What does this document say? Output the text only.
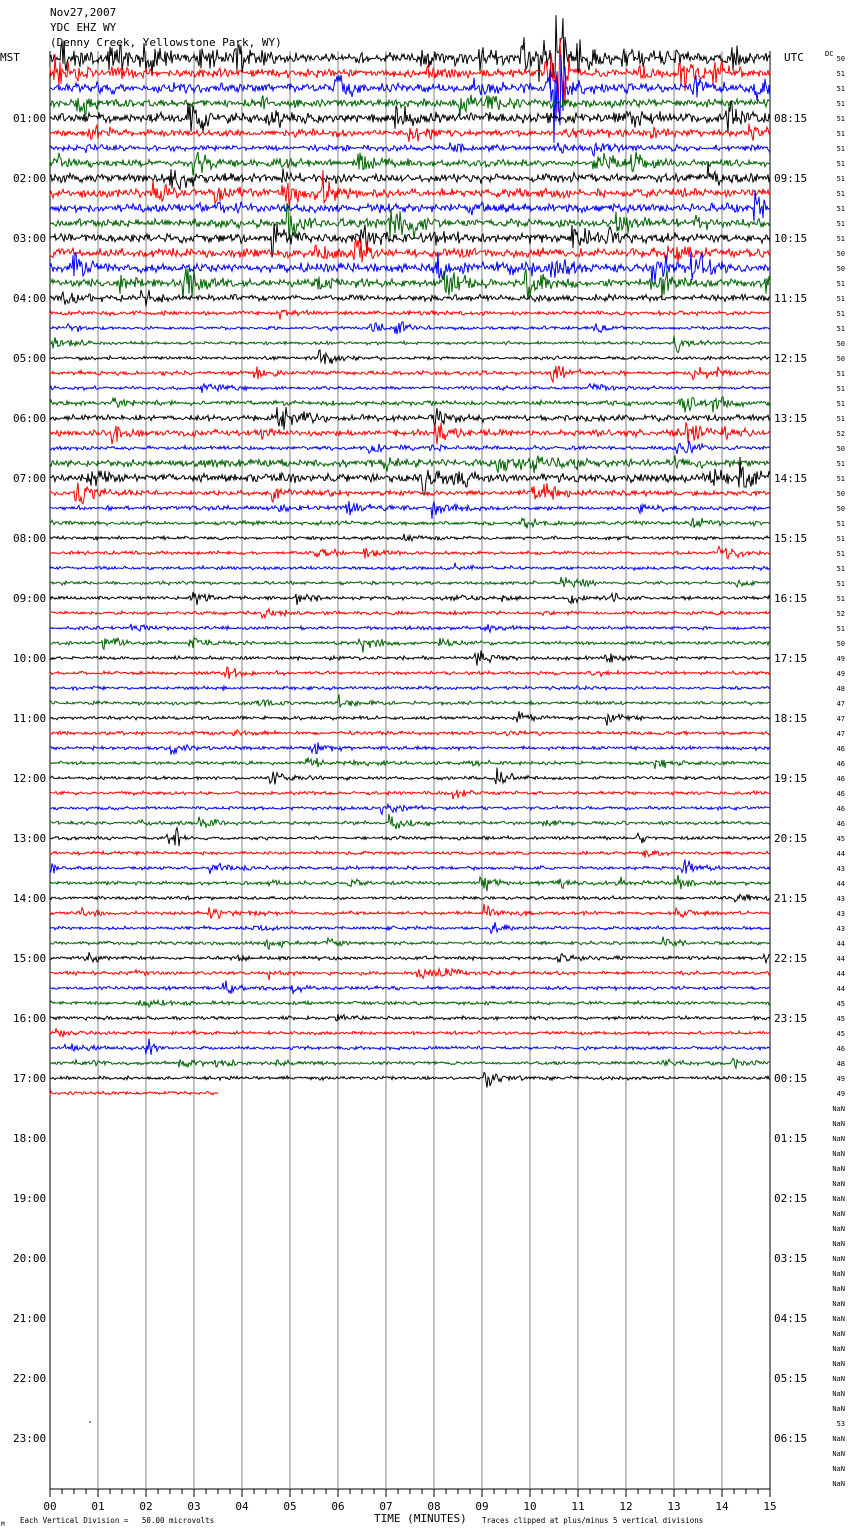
Nov27,2007
YDC EHZ WY
(Denny Creek, Yellowstone Park, WY)
MST	UTC	DC
01:00
02:00
03:00
04:00
05:00
06:00
07:00
08:00
09:00
10:00
11:00
12:00
13:00
14:00
15:00
16:00
17:00
18:00
19:00
20:00
21:00
22:00
23:00
08:15
09:15
10:15
11:15
12:15
13:15
14:15
15:15
16:15
17:15
18:15
19:15
20:15
21:15
22:15
23:15
00:15
01:15
02:15
03:15
04:15
05:15
06:15
50
51
51
51
51
51
51
51
51
51
51
51
51
50
50
51
51
51
51
50
50
51
51
51
51
52
50
51
51
50
50
51
51
51
51
51
51
52
51
50
49
49
48
47
47
47
46
46
46
46
46
46
45
44
43
44
43
43
43
44
44
44
44
45
45
45
46
48
49
49
NaN
NaN
NaN
NaN
NaN
NaN
NaN
NaN
NaN
NaN
NaN
NaN
NaN
NaN
NaN
NaN
NaN
NaN
NaN
NaN
NaN
53
NaN
NaN
NaN
NaN
00	01	02	03	04	05	06	07	08	09	10	11	12	13	14	15
M Each Vertical Division =   50.00 microvolts	TIME (MINUTES) Traces clipped at plus/minus 5 vertical divisions
